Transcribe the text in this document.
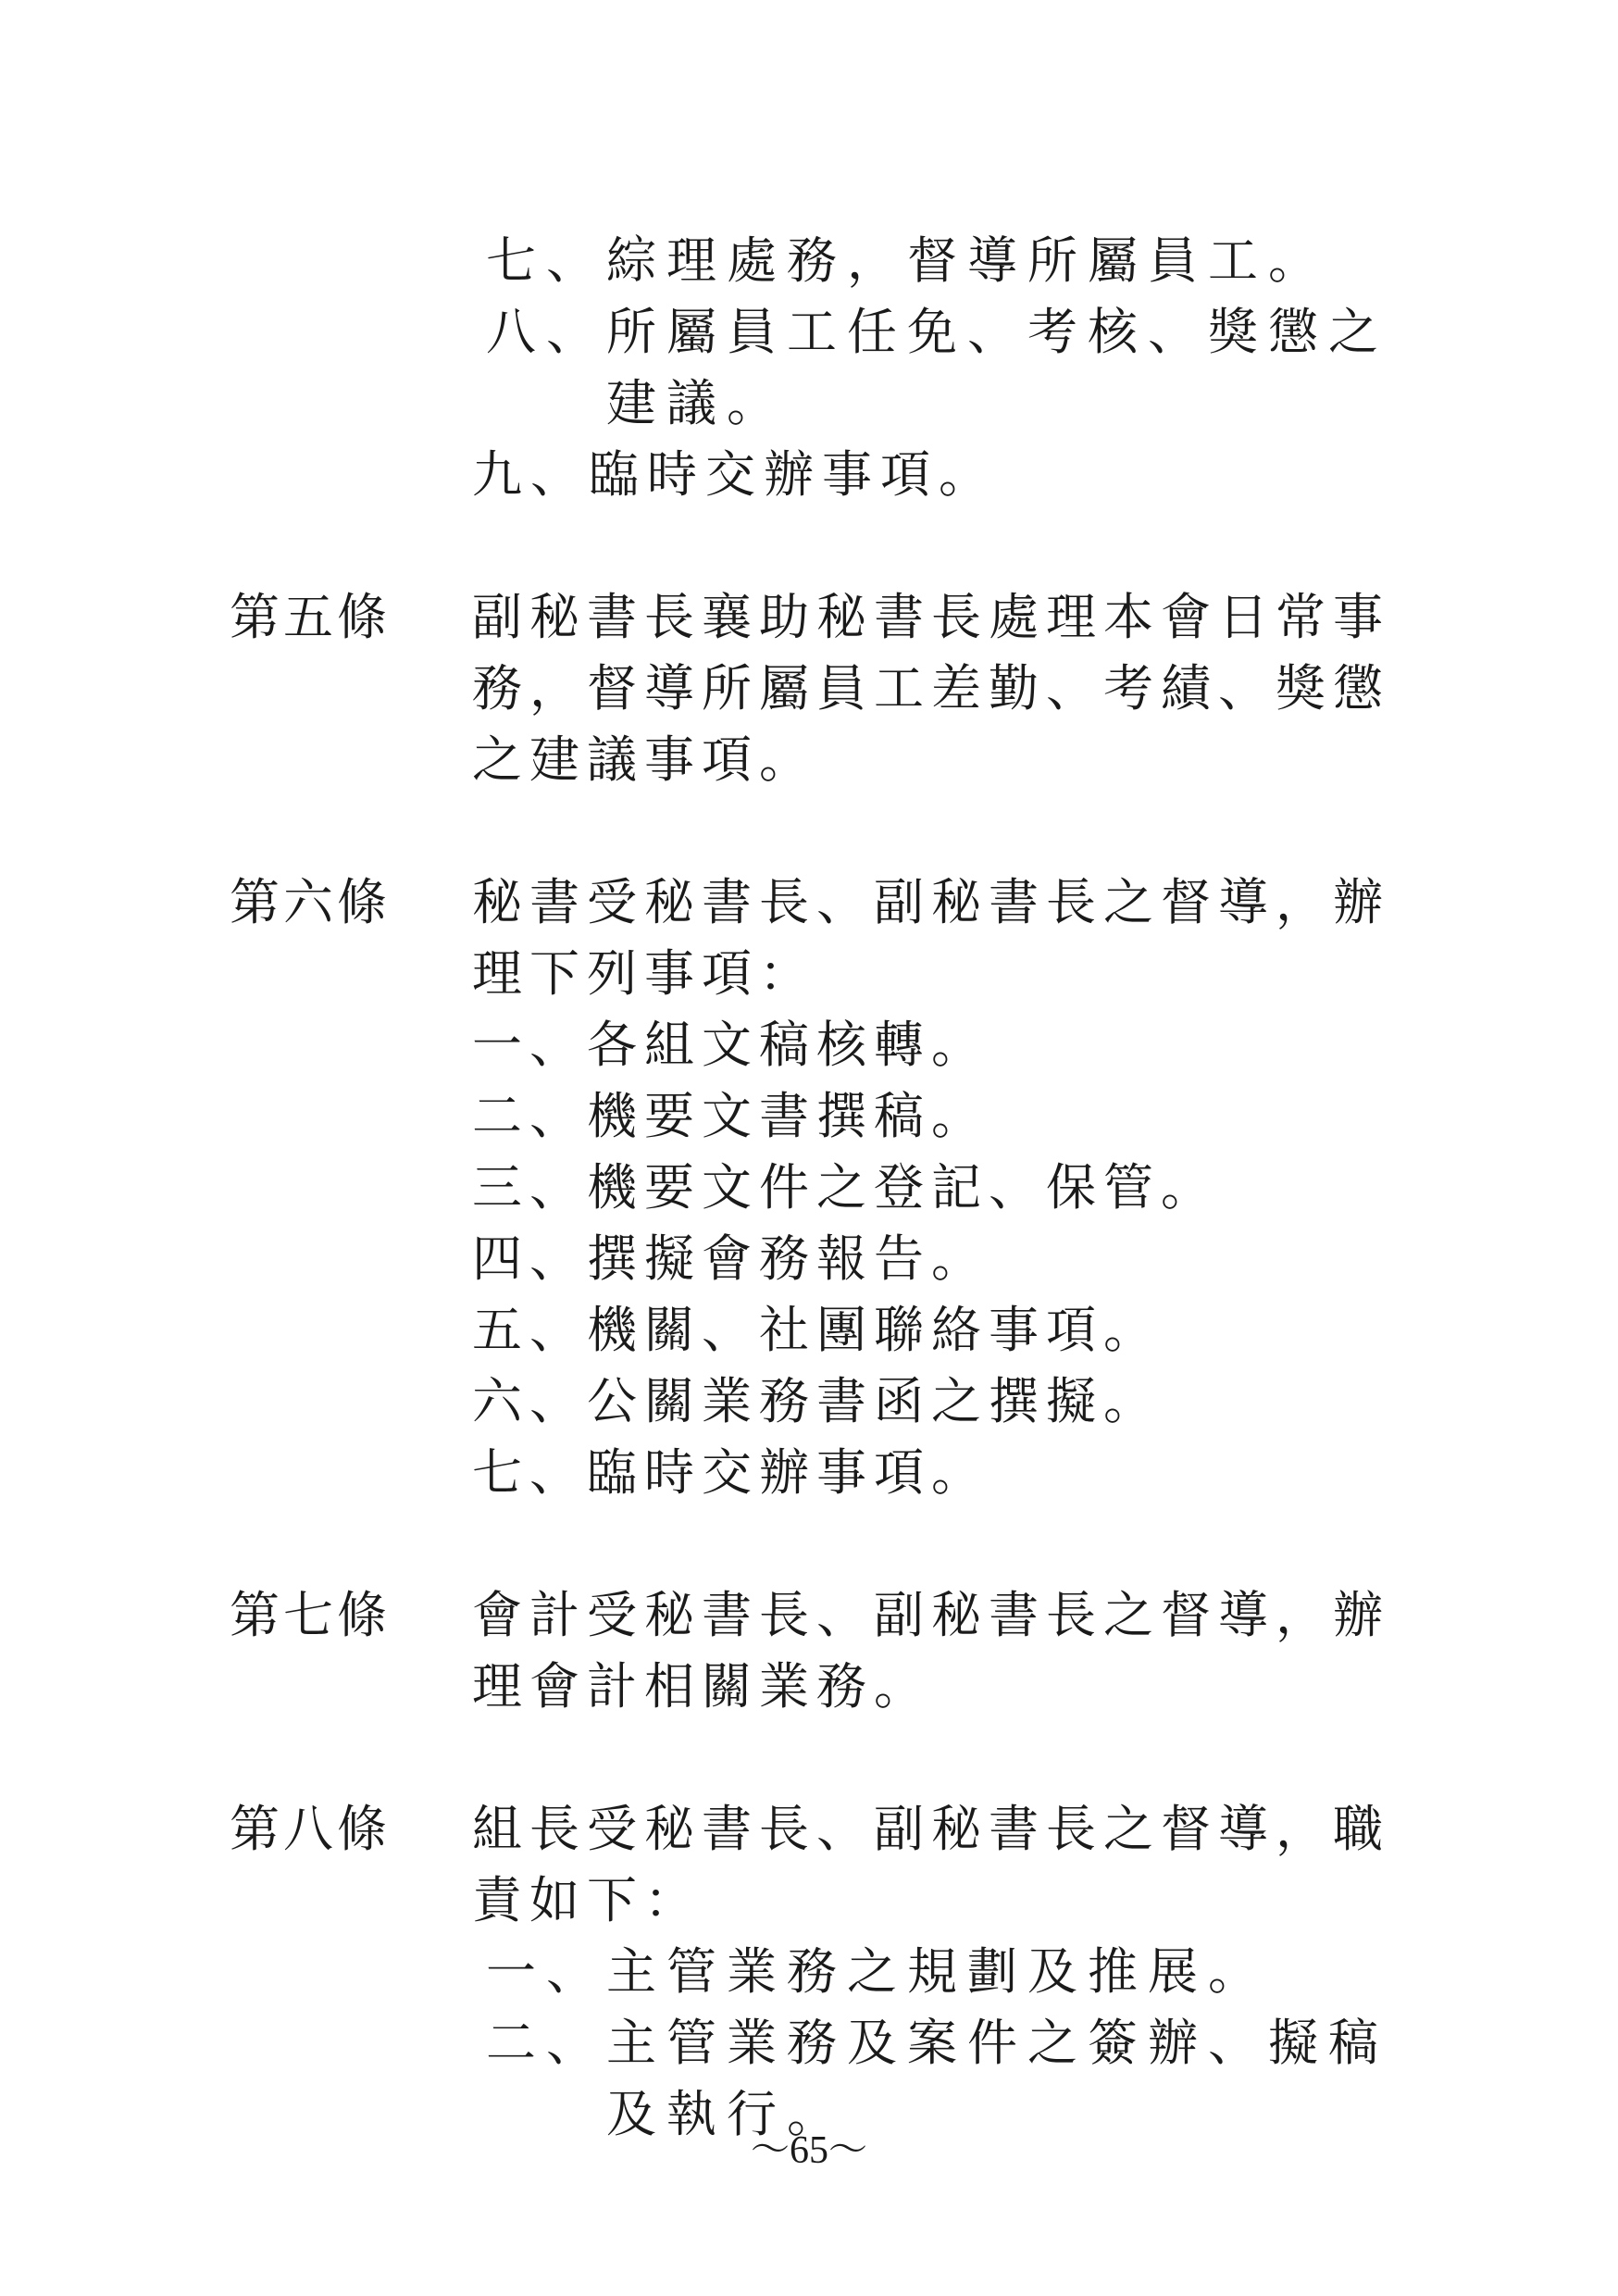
七、綜理處務，督導所屬員工。
八、所屬員工任免、考核、獎懲之
建議。
九、臨時交辦事項。
第五條 副秘書長襄助秘書長處理本會日常事
務，督導所屬員工差勤、考績、獎懲
之建議事項。
第六條 秘書受秘書長、副秘書長之督導，辦
理下列事項：
一、各組文稿核轉。
二、機要文書撰稿。
三、機要文件之登記、保管。
四、撰擬會務報告。
五、機關、社團聯絡事項。
六、公關業務書函之撰擬。
七、臨時交辦事項。
第七條 會計受秘書長、副秘書長之督導，辦
理會計相關業務。
第八條 組長受秘書長、副秘書長之督導，職
責如下：
一、主管業務之規劃及推展。
二、主管業務及案件之簽辦、擬稿
及執行。
～65～
